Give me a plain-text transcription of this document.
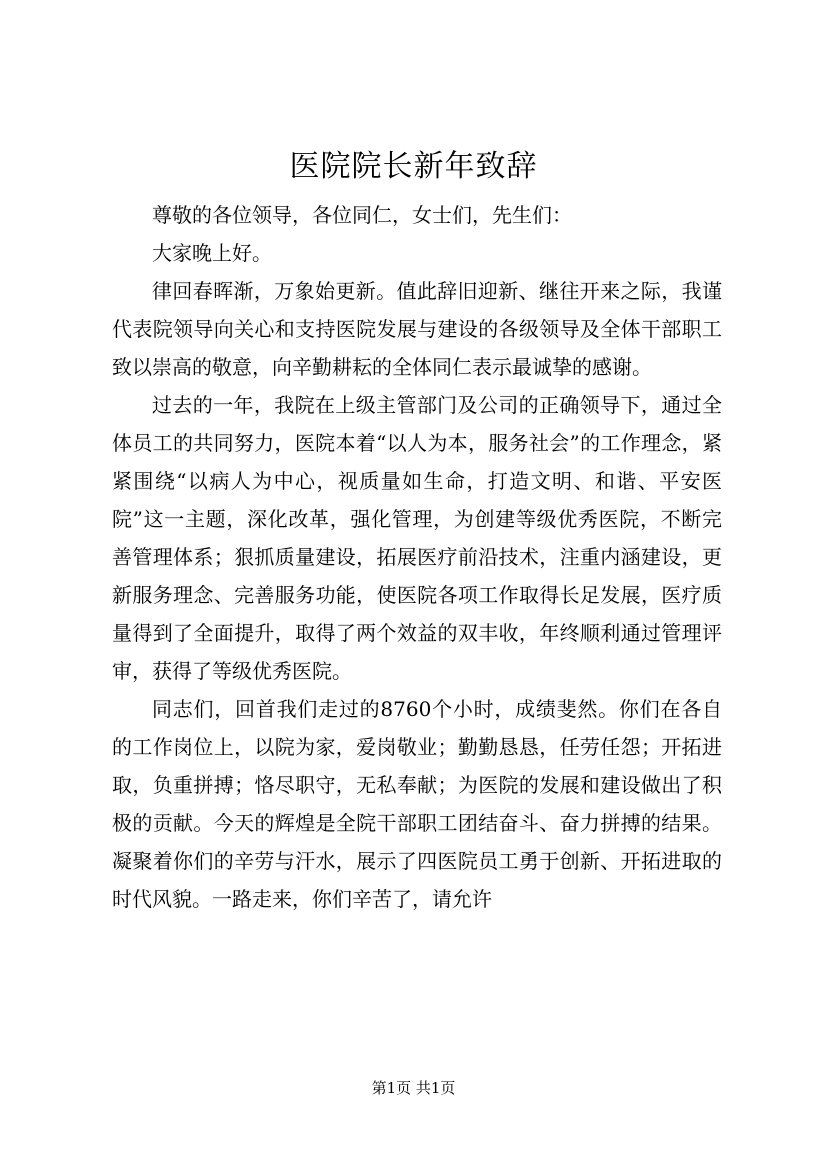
医院院长新年致辞

尊敬的各位领导，各位同仁，女士们，先生们：

大家晚上好。

律回春晖渐，万象始更新。值此辞旧迎新、继往开来之际，我谨代表院领导向关心和支持医院发展与建设的各级领导及全体干部职工致以崇高的敬意，向辛勤耕耘的全体同仁表示最诚挚的感谢。

过去的一年，我院在上级主管部门及公司的正确领导下，通过全体员工的共同努力，医院本着“以人为本，服务社会”的工作理念，紧紧围绕“以病人为中心，视质量如生命，打造文明、和谐、平安医院”这一主题，深化改革，强化管理，为创建等级优秀医院，不断完善管理体系；狠抓质量建设，拓展医疗前沿技术，注重内涵建设，更新服务理念、完善服务功能，使医院各项工作取得长足发展，医疗质量得到了全面提升，取得了两个效益的双丰收，年终顺利通过管理评审，获得了等级优秀医院。

同志们，回首我们走过的8760个小时，成绩斐然。你们在各自的工作岗位上，以院为家，爱岗敬业；勤勤恳恳，任劳任怨；开拓进取，负重拼搏；恪尽职守，无私奉献；为医院的发展和建设做出了积极的贡献。今天的辉煌是全院干部职工团结奋斗、奋力拼搏的结果。凝聚着你们的辛劳与汗水，展示了四医院员工勇于创新、开拓进取的时代风貌。一路走来，你们辛苦了，请允许

第1页 共1页
